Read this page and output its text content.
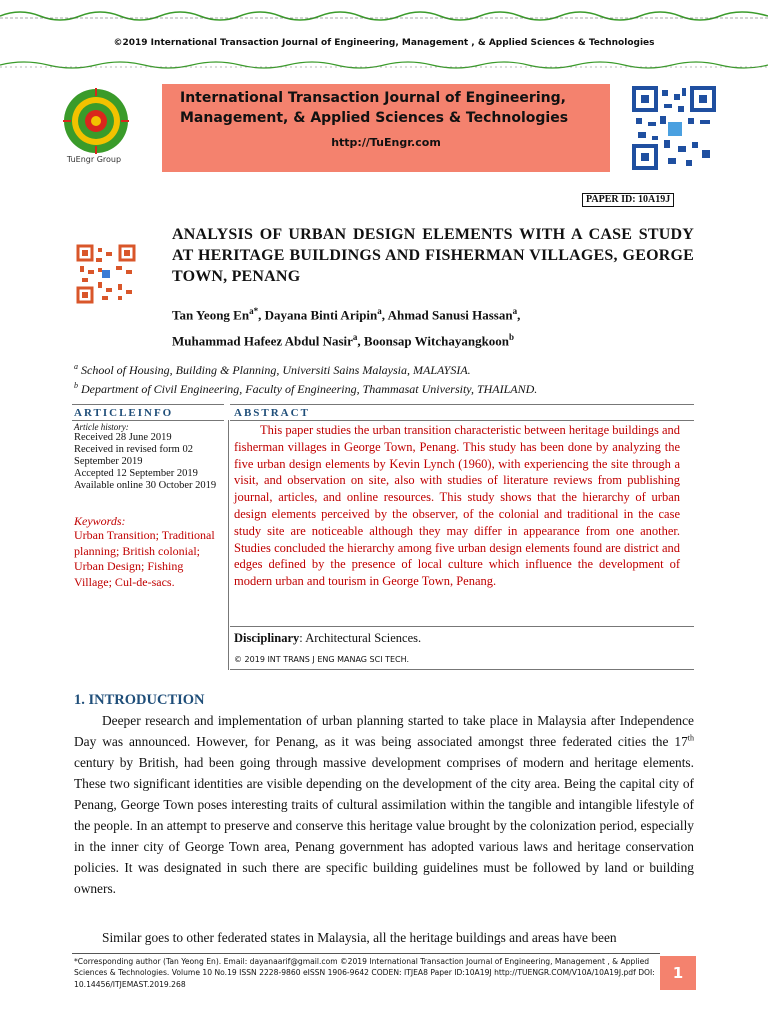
©2019 International Transaction Journal of Engineering, Management , & Applied Sciences & Technologies
TuEngr Group
International Transaction Journal of Engineering,
Management, & Applied Sciences & Technologies
http://TuEngr.com
PAPER ID: 10A19J
ANALYSIS OF URBAN DESIGN ELEMENTS WITH A CASE STUDY AT HERITAGE BUILDINGS AND FISHERMAN VILLAGES, GEORGE TOWN, PENANG
Tan Yeong $En^{a*}$, Dayana Binti Aripin$^a$, Ahmad Sanusi Hassan$^a$,
Muhammad Hafeez Abdul Nasir$^a$, Boonsap Witchayangkoon$^b$
$^a$ School of Housing, Building & Planning, Universiti Sains Malaysia, MALAYSIA.
$^b$ Department of Civil Engineering, Faculty of Engineering, Thammasat University, THAILAND.
ARTICLEINFO	ABSTRACT
Article history:
Received 28 June 2019
Received in revised form 02 September 2019
Accepted 12 September 2019
Available online 30 October 2019
Keywords:
Urban Transition; Traditional planning; British colonial; Urban Design; Fishing Village; Cul-de-sacs.

This paper studies the urban transition characteristic between heritage buildings and fisherman villages in George Town, Penang. This study has been done by analyzing the five urban design elements by Kevin Lynch (1960), with experiencing the site through a visit, and observation on site, also with studies of literature reviews from publishing journal, articles, and online resources. This study shows that the hierarchy of urban design elements perceived by the observer, of the colonial and traditional in the case study site are noticeable although they may differ in appearance from one another. Studies concluded the hierarchy among five urban design elements found are district and edges defined by the presence of local culture which influence the development of modern urban and tourism in George Town, Penang.

Disciplinary: Architectural Sciences.
© 2019 INT TRANS J ENG MANAG SCI TECH.
1. INTRODUCTION

Deeper research and implementation of urban planning started to take place in Malaysia after Independence Day was announced. However, for Penang, as it was being associated amongst three federated cities the 17th century by British, had been going through massive development comprises of modern and heritage elements. These two significant identities are visible depending on the development of the city area. Being the capital city of Penang, George Town poses interesting traits of cultural assimilation within the tangible and intangible lifestyle of the people. In an attempt to preserve and conserve this heritage value brought by the colonization period, especially in the inner city of George Town area, Penang government has adopted various laws and heritage conservation policies. It was designated in such there are specific building guidelines must be followed by land or building owners.

Similar goes to other federated states in Malaysia, all the heritage buildings and areas have been

*Corresponding author (Tan Yeong En). Email: dayanaarif@gmail.com ©2019 International Transaction Journal of Engineering, Management , & Applied Sciences & Technologies. Volume 10 No.19 ISSN 2228-9860 eISSN 1906-9642 CODEN: ITJEA8 Paper ID:10A19J http://TUENGR.COM/V10A/10A19J.pdf DOI: 10.14456/ITJEMAST.2019.268
1
